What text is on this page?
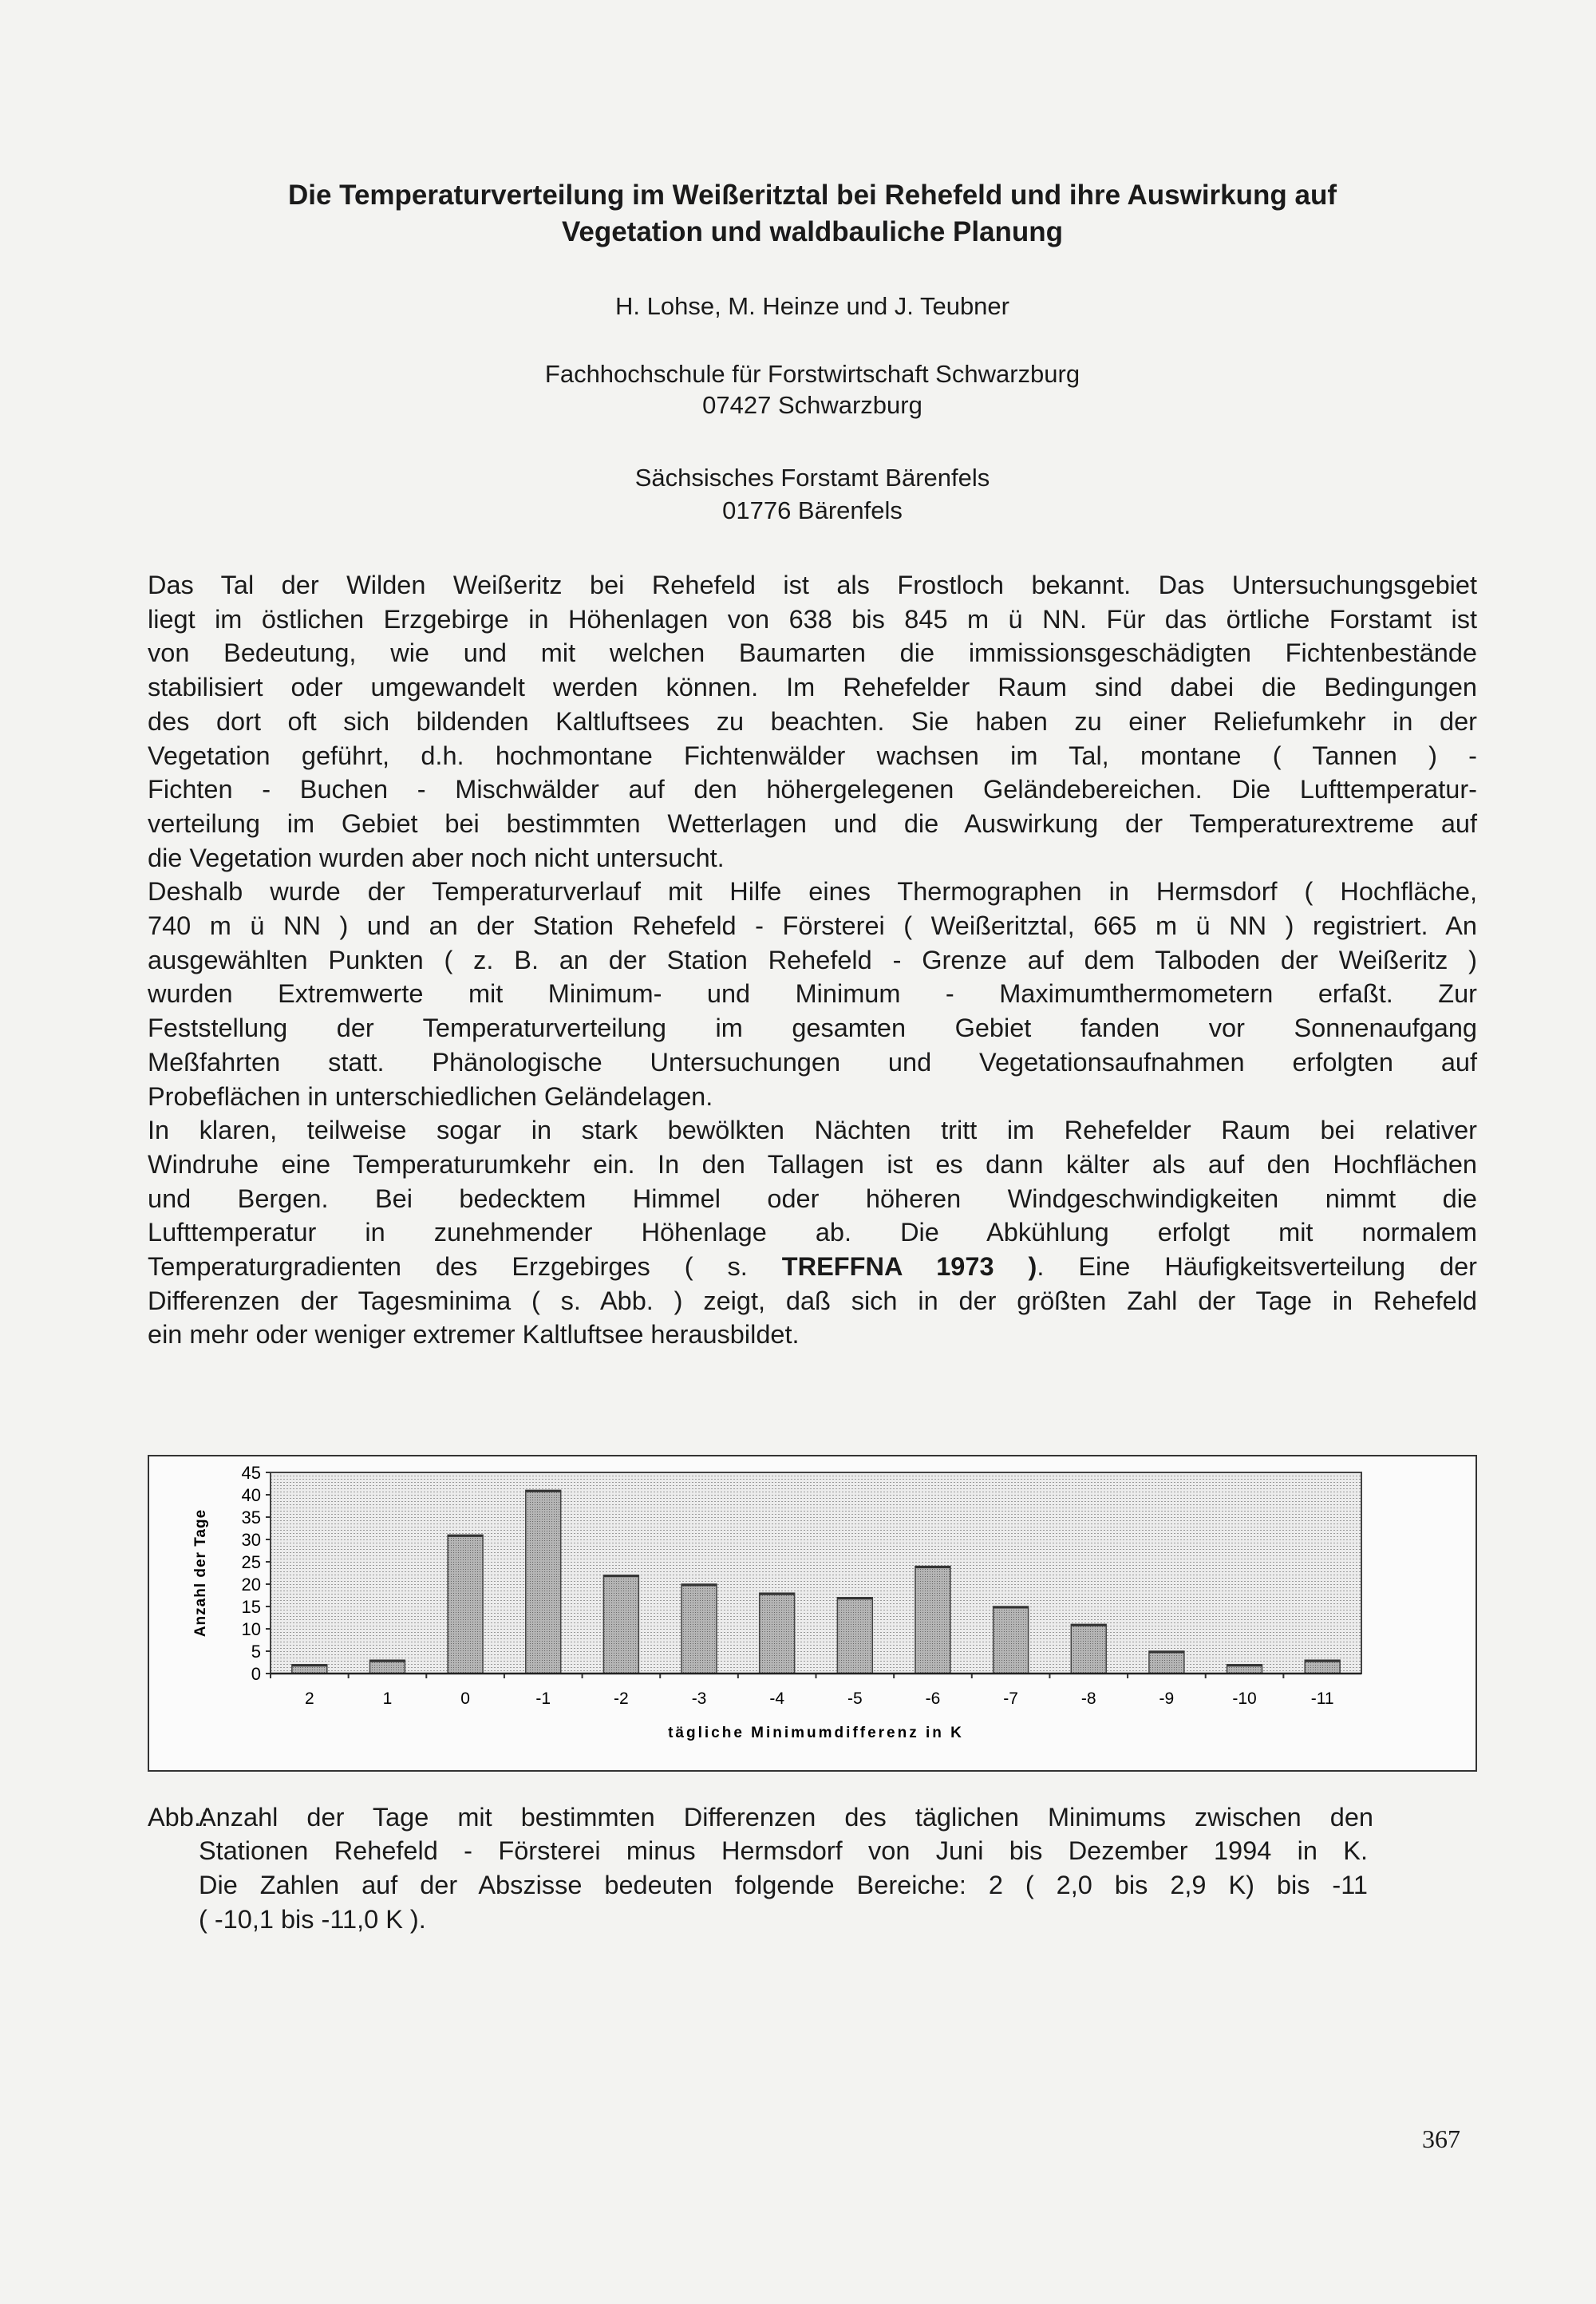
Die Temperaturverteilung im Weißeritztal bei Rehefeld und ihre Auswirkung auf
Vegetation und waldbauliche Planung
H. Lohse, M. Heinze und J. Teubner
Fachhochschule für Forstwirtschaft Schwarzburg
07427 Schwarzburg
Sächsisches Forstamt Bärenfels
01776 Bärenfels
Das Tal der Wilden Weißeritz bei Rehefeld ist als Frostloch bekannt. Das Untersuchungsgebiet
liegt im östlichen Erzgebirge in Höhenlagen von 638 bis 845 m ü NN. Für das örtliche Forstamt ist
von Bedeutung, wie und mit welchen Baumarten die immissionsgeschädigten Fichtenbestände
stabilisiert oder umgewandelt werden können. Im Rehefelder Raum sind dabei die Bedingungen
des dort oft sich bildenden Kaltluftsees zu beachten. Sie haben zu einer Reliefumkehr in der
Vegetation geführt, d.h. hochmontane Fichtenwälder wachsen im Tal, montane ( Tannen ) -
Fichten - Buchen - Mischwälder auf den höhergelegenen Geländebereichen. Die Lufttemperatur-
verteilung im Gebiet bei bestimmten Wetterlagen und die Auswirkung der Temperaturextreme auf
die Vegetation wurden aber noch nicht untersucht.
Deshalb wurde der Temperaturverlauf mit Hilfe eines Thermographen in Hermsdorf ( Hochfläche,
740 m ü NN ) und an der Station Rehefeld - Försterei ( Weißeritztal, 665 m ü NN ) registriert. An
ausgewählten Punkten ( z. B. an der Station Rehefeld - Grenze auf dem Talboden der Weißeritz )
wurden Extremwerte mit Minimum- und Minimum - Maximumthermometern erfaßt. Zur
Feststellung der Temperaturverteilung im gesamten Gebiet fanden vor Sonnenaufgang
Meßfahrten statt. Phänologische Untersuchungen und Vegetationsaufnahmen erfolgten auf
Probeflächen in unterschiedlichen Geländelagen.
In klaren, teilweise sogar in stark bewölkten Nächten tritt im Rehefelder Raum bei relativer
Windruhe eine Temperaturumkehr ein. In den Tallagen ist es dann kälter als auf den Hochflächen
und Bergen. Bei bedecktem Himmel oder höheren Windgeschwindigkeiten nimmt die
Lufttemperatur in zunehmender Höhenlage ab. Die Abkühlung erfolgt mit normalem
Temperaturgradienten des Erzgebirges ( s. TREFFNA 1973 ). Eine Häufigkeitsverteilung der
Differenzen der Tagesminima ( s. Abb. ) zeigt, daß sich in der größten Zahl der Tage in Rehefeld
ein mehr oder weniger extremer Kaltluftsee herausbildet.
0
5
10
15
20
25
30
35
40
45
2	1	0	-1	-2	-3	-4	-5	-6	-7	-8	-9	-10	-11
tägliche Minimumdifferenz in K
Anzahl der Tage
Abb.:
Anzahl der Tage mit bestimmten Differenzen des täglichen Minimums zwischen den
Stationen Rehefeld - Försterei minus Hermsdorf von Juni bis Dezember 1994 in K.
Die Zahlen auf der Abszisse bedeuten folgende Bereiche: 2 ( 2,0 bis 2,9 K) bis -11
( -10,1 bis -11,0 K ).
367
